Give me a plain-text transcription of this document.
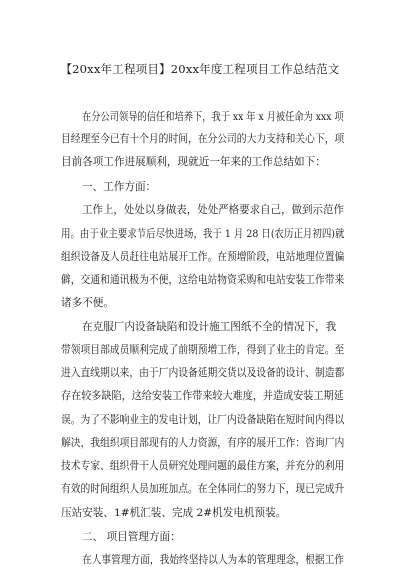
【20xx年工程项目】20xx年度工程项目工作总结范文
在分公司领导的信任和培养下，我于 xx 年 x 月被任命为 xxx 项
目经理至今已有十个月的时间，在分公司的大力支持和关心下，项
目前各项工作进展顺利，现就近一年来的工作总结如下：
一、工作方面：
工作上，处处以身做表，处处严格要求自己，做到示范作
用。由于业主要求节后尽快进场，我于 1 月 28 日(农历正月初四)就
组织设备及人员赶往电站展开工作。在预增阶段，电站地理位置偏
僻，交通和通讯极为不便，这给电站物资采购和电站安装工作带来
诸多不便。
在克服厂内设备缺陷和设计施工图纸不全的情况下，我
带领项目部成员顺利完成了前期预增工作，得到了业主的肯定。至
进入直线期以来，由于厂内设备延期交货以及设备的设计、制造都
存在较多缺陷，这给安装工作带来较大难度，并造成安装工期延
误。为了不影响业主的发电计划，让厂内设备缺陷在短时间内得以
解决，我组织项目部现有的人力资源，有序的展开工作：咨询厂内
技术专家、组织骨干人员研究处理问题的最佳方案，并充分的利用
有效的时间组织人员加班加点。在全体同仁的努力下，现已完成升
压站安装、1#机汇装、完成 2#机发电机预装。
二、 项目管理方面：
在人事管理方面，我始终坚持以人为本的管理理念，根据工作
